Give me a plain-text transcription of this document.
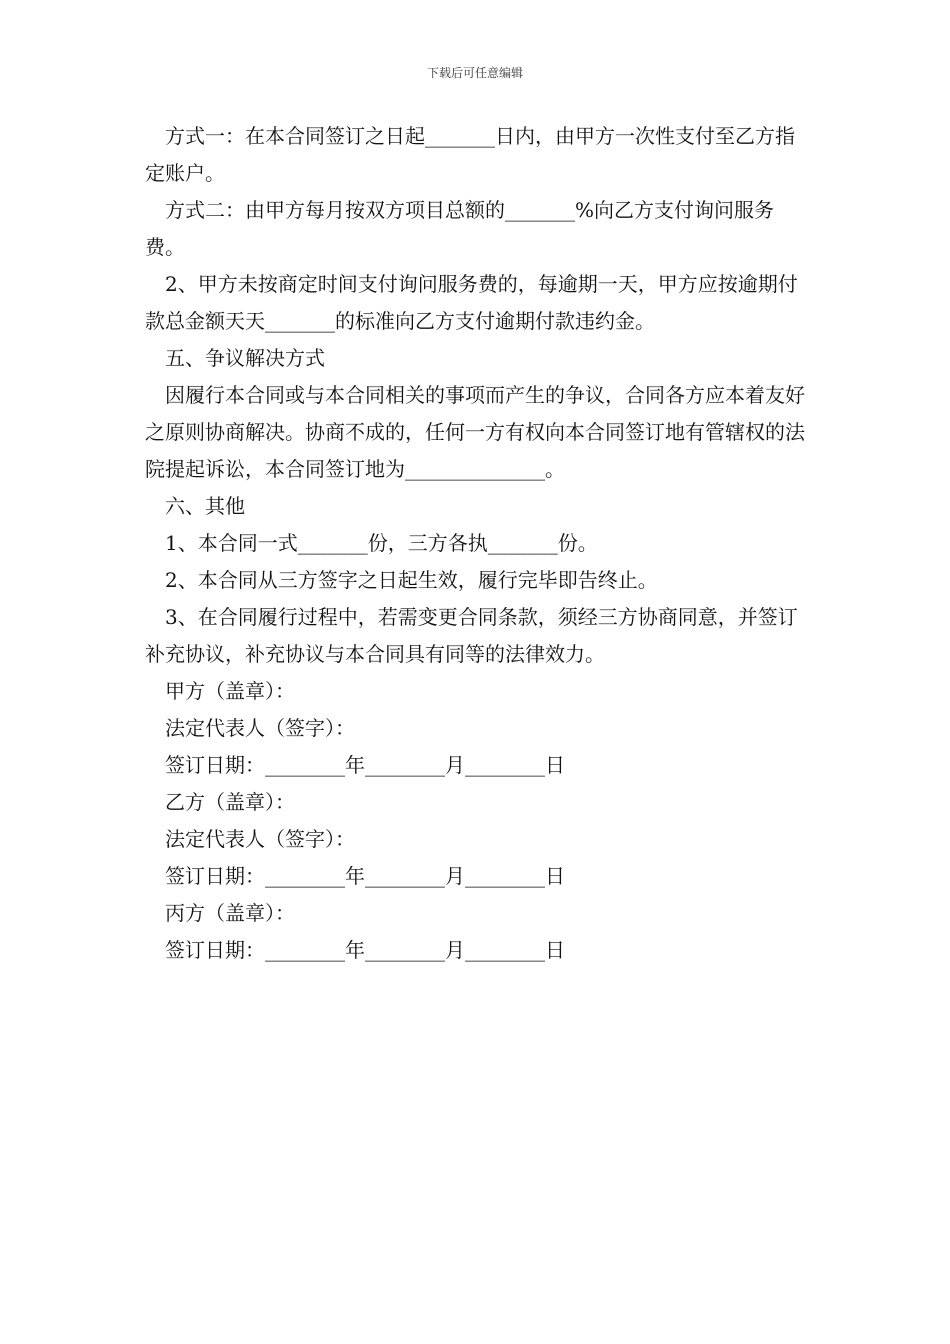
下载后可任意编辑

方式一：在本合同签订之日起_______日内，由甲方一次性支付至乙方指定账户。

方式二：由甲方每月按双方项目总额的_______%向乙方支付询问服务费。

2、甲方未按商定时间支付询问服务费的，每逾期一天，甲方应按逾期付款总金额天天_______的标准向乙方支付逾期付款违约金。

五、争议解决方式

因履行本合同或与本合同相关的事项而产生的争议，合同各方应本着友好之原则协商解决。协商不成的，任何一方有权向本合同签订地有管辖权的法院提起诉讼，本合同签订地为______________。

六、其他

1、本合同一式_______份，三方各执_______份。

2、本合同从三方签字之日起生效，履行完毕即告终止。

3、在合同履行过程中，若需变更合同条款，须经三方协商同意，并签订补充协议，补充协议与本合同具有同等的法律效力。

甲方（盖章）：

法定代表人（签字）：

签订日期：________年________月________日

乙方（盖章）：

法定代表人（签字）：

签订日期：________年________月________日

丙方（盖章）：

签订日期：________年________月________日
